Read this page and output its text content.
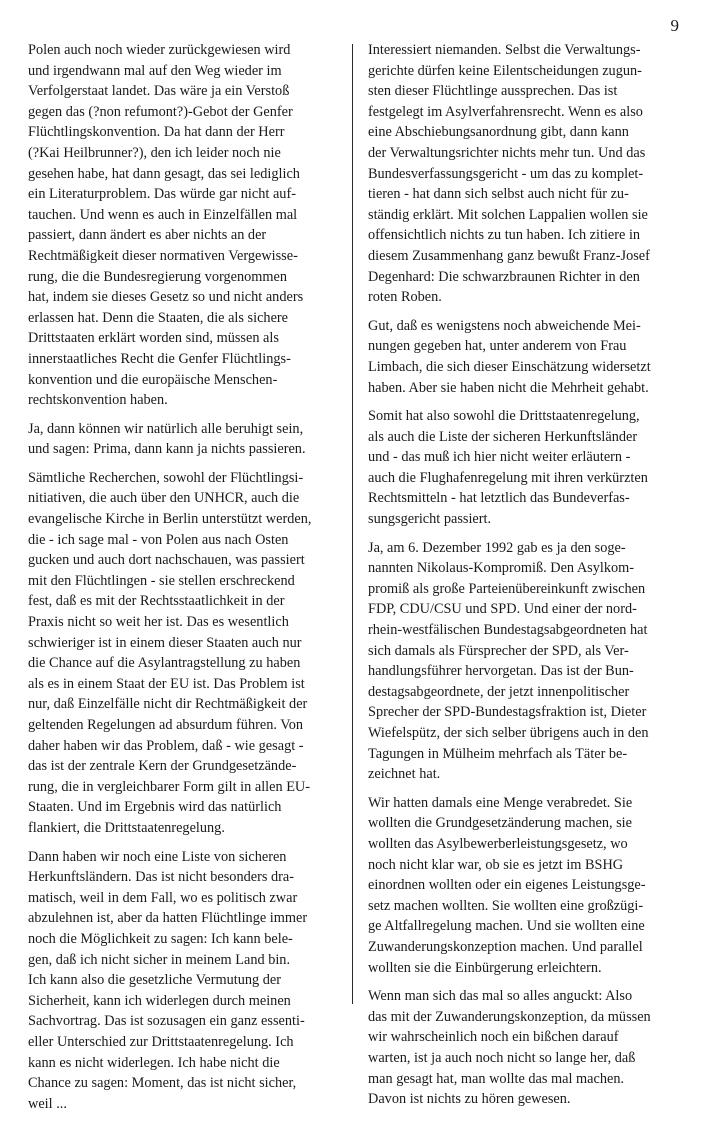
9
Polen auch noch wieder zurückgewiesen wird
und irgendwann mal auf den Weg wieder im
Verfolgerstaat landet. Das wäre ja ein Verstoß
gegen das (?non refumont?)-Gebot der Genfer
Flüchtlingskonvention. Da hat dann der Herr
(?Kai Heilbrunner?), den ich leider noch nie
gesehen habe, hat dann gesagt, das sei lediglich
ein Literaturproblem. Das würde gar nicht auf-
tauchen. Und wenn es auch in Einzelfällen mal
passiert, dann ändert es aber nichts an der
Rechtmäßigkeit dieser normativen Vergewisse-
rung, die die Bundesregierung vorgenommen
hat, indem sie dieses Gesetz so und nicht anders
erlassen hat. Denn die Staaten, die als sichere
Drittstaaten erklärt worden sind, müssen als
innerstaatliches Recht die Genfer Flüchtlings-
konvention und die europäische Menschen-
rechtskonvention haben.
Ja, dann können wir natürlich alle beruhigt sein,
und sagen: Prima, dann kann ja nichts passieren.
Sämtliche Recherchen, sowohl der Flüchtlingsi-
nitiativen, die auch über den UNHCR, auch die
evangelische Kirche in Berlin unterstützt werden,
die - ich sage mal - von Polen aus nach Osten
gucken und auch dort nachschauen, was passiert
mit den Flüchtlingen - sie stellen erschreckend
fest, daß es mit der Rechtsstaatlichkeit in der
Praxis nicht so weit her ist. Das es wesentlich
schwieriger ist in einem dieser Staaten auch nur
die Chance auf die Asylantragstellung zu haben
als es in einem Staat der EU ist. Das Problem ist
nur, daß Einzelfälle nicht dir Rechtmäßigkeit der
geltenden Regelungen ad absurdum führen. Von
daher haben wir das Problem, daß - wie gesagt -
das ist der zentrale Kern der Grundgesetzände-
rung, die in vergleichbarer Form gilt in allen EU-
Staaten. Und im Ergebnis wird das natürlich
flankiert, die Drittstaatenregelung.
Dann haben wir noch eine Liste von sicheren
Herkunftsländern. Das ist nicht besonders dra-
matisch, weil in dem Fall, wo es politisch zwar
abzulehnen ist, aber da hatten Flüchtlinge immer
noch die Möglichkeit zu sagen: Ich kann bele-
gen, daß ich nicht sicher in meinem Land bin.
Ich kann also die gesetzliche Vermutung der
Sicherheit, kann ich widerlegen durch meinen
Sachvortrag. Das ist sozusagen ein ganz essenti-
eller Unterschied zur Drittstaatenregelung. Ich
kann es nicht widerlegen. Ich habe nicht die
Chance zu sagen: Moment, das ist nicht sicher,
weil ...
Interessiert niemanden. Selbst die Verwaltungs-
gerichte dürfen keine Eilentscheidungen zugun-
sten dieser Flüchtlinge aussprechen. Das ist
festgelegt im Asylverfahrensrecht. Wenn es also
eine Abschiebungsanordnung gibt, dann kann
der Verwaltungsrichter nichts mehr tun. Und das
Bundesverfassungsgericht - um das zu komplet-
tieren - hat dann sich selbst auch nicht für zu-
ständig erklärt. Mit solchen Lappalien wollen sie
offensichtlich nichts zu tun haben. Ich zitiere in
diesem Zusammenhang ganz bewußt Franz-Josef
Degenhard: Die schwarzbraunen Richter in den
roten Roben.
Gut, daß es wenigstens noch abweichende Mei-
nungen gegeben hat, unter anderem von Frau
Limbach, die sich dieser Einschätzung widersetzt
haben. Aber sie haben nicht die Mehrheit gehabt.
Somit hat also sowohl die Drittstaatenregelung,
als auch die Liste der sicheren Herkunftsländer
und - das muß ich hier nicht weiter erläutern -
auch die Flughafenregelung mit ihren verkürzten
Rechtsmitteln - hat letztlich das Bundeverfas-
sungsgericht passiert.
Ja, am 6. Dezember 1992 gab es ja den soge-
nannten Nikolaus-Kompromiß. Den Asylkom-
promiß als große Parteienübereinkunft zwischen
FDP, CDU/CSU und SPD. Und einer der nord-
rhein-westfälischen Bundestagsabgeordneten hat
sich damals als Fürsprecher der SPD, als Ver-
handlungsführer hervorgetan. Das ist der Bun-
destagsabgeordnete, der jetzt innenpolitischer
Sprecher der SPD-Bundestagsfraktion ist, Dieter
Wiefelspütz, der sich selber übrigens auch in den
Tagungen in Mülheim mehrfach als Täter be-
zeichnet hat.
Wir hatten damals eine Menge verabredet. Sie
wollten die Grundgesetzänderung machen, sie
wollten das Asylbewerberleistungsgesetz, wo
noch nicht klar war, ob sie es jetzt im BSHG
einordnen wollten oder ein eigenes Leistungsge-
setz machen wollten. Sie wollten eine großzügi-
ge Altfallregelung machen. Und sie wollten eine
Zuwanderungskonzeption machen. Und parallel
wollten sie die Einbürgerung erleichtern.
Wenn man sich das mal so alles anguckt: Also
das mit der Zuwanderungskonzeption, da müssen
wir wahrscheinlich noch ein bißchen darauf
warten, ist ja auch noch nicht so lange her, daß
man gesagt hat, man wollte das mal machen.
Davon ist nichts zu hören gewesen.
